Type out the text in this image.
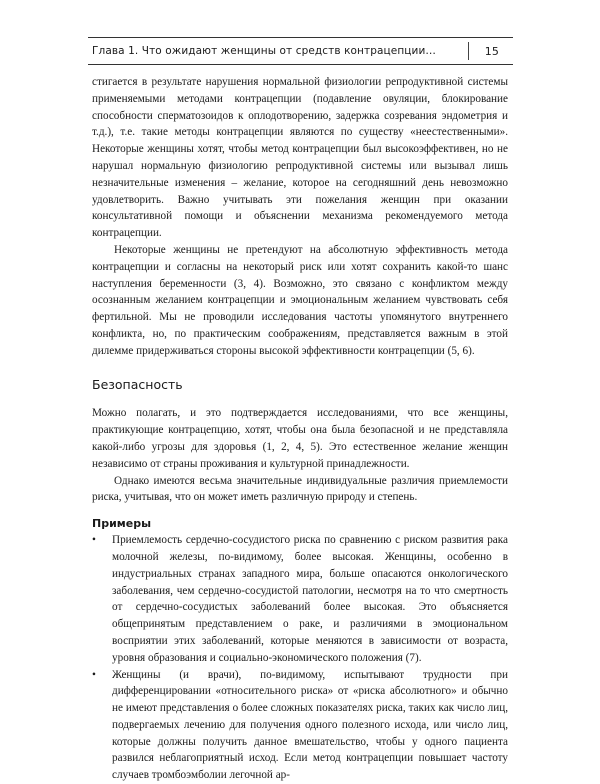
Глава 1. Что ожидают женщины от средств контрацепции…	15

стигается в результате нарушения нормальной физиологии репродуктивной системы применяемыми методами контрацепции (подавление овуляции, блокирование способности сперматозоидов к оплодотворению, задержка созревания эндометрия и т.д.), т.е. такие методы контрацепции являются по существу «неестественными». Некоторые женщины хотят, чтобы метод контрацепции был высокоэффективен, но не нарушал нормальную физиологию репродуктивной системы или вызывал лишь незначительные изменения – желание, которое на сегодняшний день невозможно удовлетворить. Важно учитывать эти пожелания женщин при оказании консультативной помощи и объяснении механизма рекомендуемого метода контрацепции.

Некоторые женщины не претендуют на абсолютную эффективность метода контрацепции и согласны на некоторый риск или хотят сохранить какой-то шанс наступления беременности (3, 4). Возможно, это связано с конфликтом между осознанным желанием контрацепции и эмоциональным желанием чувствовать себя фертильной. Мы не проводили исследования частоты упомянутого внутреннего конфликта, но, по практическим соображениям, представляется важным в этой дилемме придерживаться стороны высокой эффективности контрацепции (5, 6).

Безопасность

Можно полагать, и это подтверждается исследованиями, что все женщины, практикующие контрацепцию, хотят, чтобы она была безопасной и не представляла какой-либо угрозы для здоровья (1, 2, 4, 5). Это естественное желание женщин независимо от страны проживания и культурной принадлежности.

Однако имеются весьма значительные индивидуальные различия приемлемости риска, учитывая, что он может иметь различную природу и степень.

Примеры
• Приемлемость сердечно-сосудистого риска по сравнению с риском развития рака молочной железы, по-видимому, более высокая. Женщины, особенно в индустриальных странах западного мира, больше опасаются онкологического заболевания, чем сердечно-сосудистой патологии, несмотря на то что смертность от сердечно-сосудистых заболеваний более высокая. Это объясняется общепринятым представлением о раке, и различиями в эмоциональном восприятии этих заболеваний, которые меняются в зависимости от возраста, уровня образования и социально-экономического положения (7).
• Женщины (и врачи), по-видимому, испытывают трудности при дифференцировании «относительного риска» от «риска абсолютного» и обычно не имеют представления о более сложных показателях риска, таких как число лиц, подвергаемых лечению для получения одного полезного исхода, или число лиц, которые должны получить данное вмешательство, чтобы у одного пациента развился неблагоприятный исход. Если метод контрацепции повышает частоту случаев тромбоэмболии легочной ар-
